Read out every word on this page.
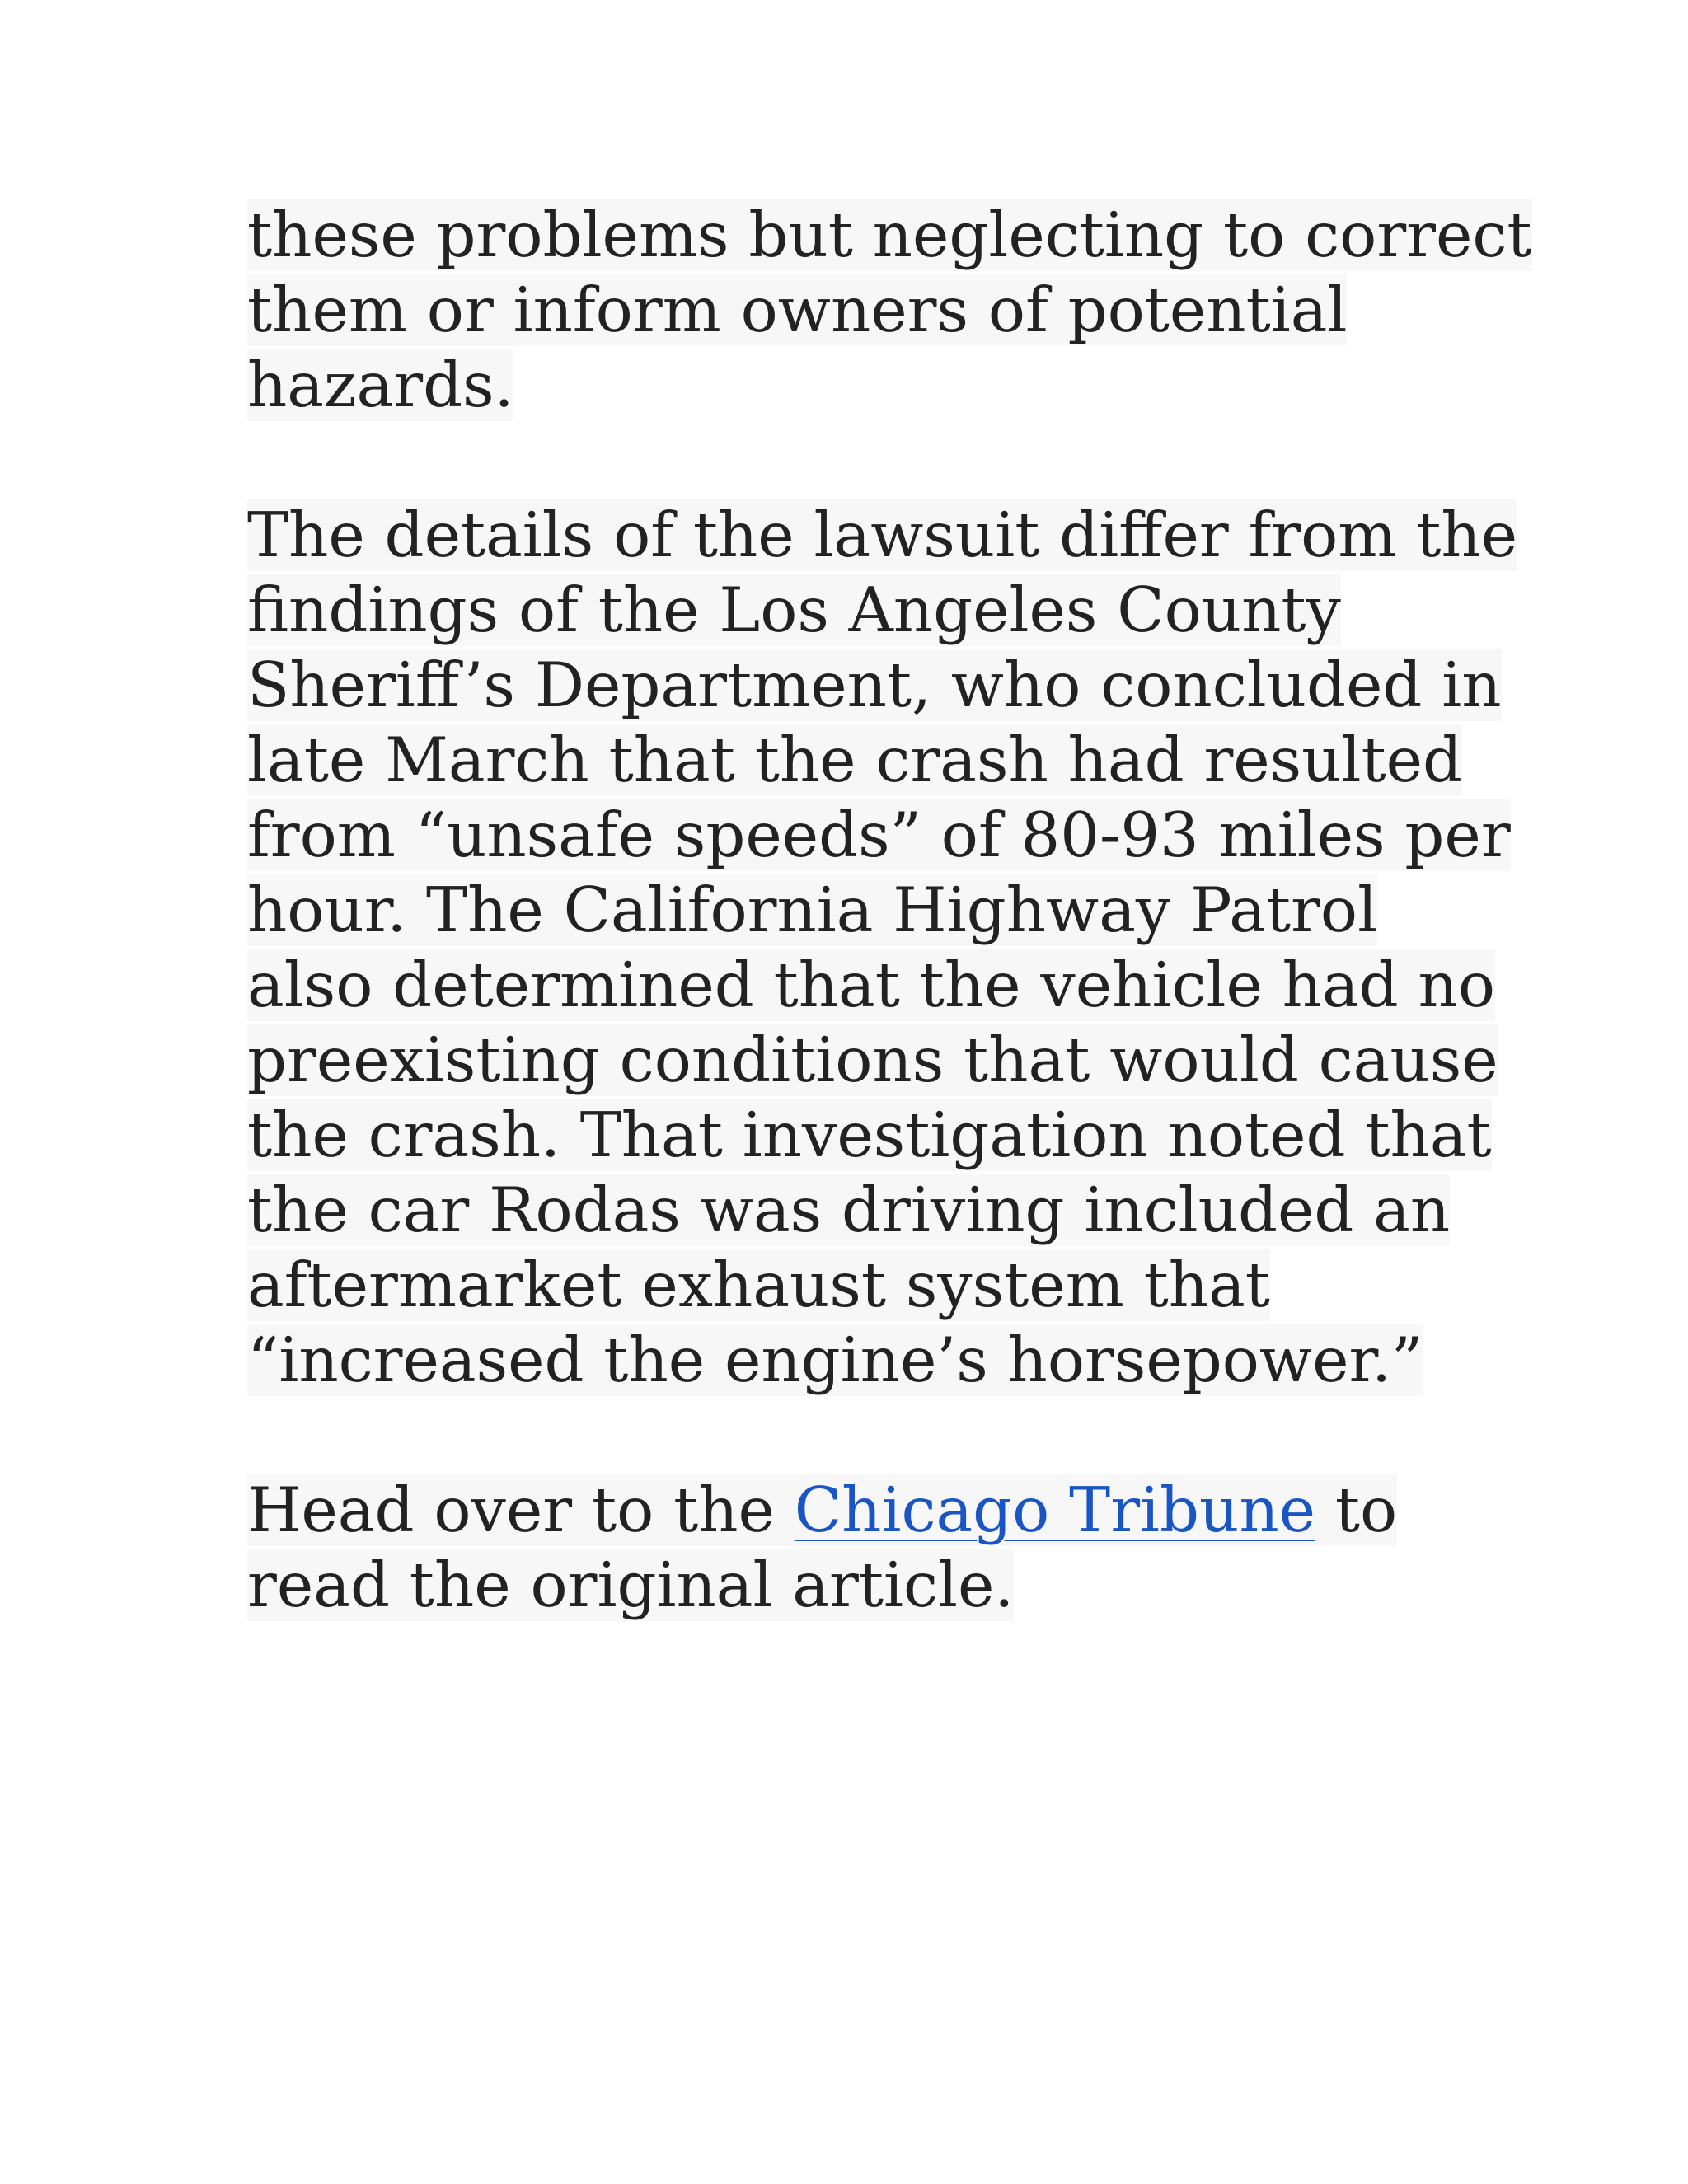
these problems but neglecting to correct
them or inform owners of potential
hazards.

The details of the lawsuit differ from the
findings of the Los Angeles County
Sheriff’s Department, who concluded in
late March that the crash had resulted
from “unsafe speeds” of 80-93 miles per
hour. The California Highway Patrol
also determined that the vehicle had no
preexisting conditions that would cause
the crash. That investigation noted that
the car Rodas was driving included an
aftermarket exhaust system that
“increased the engine’s horsepower.”

Head over to the Chicago Tribune to
read the original article.
